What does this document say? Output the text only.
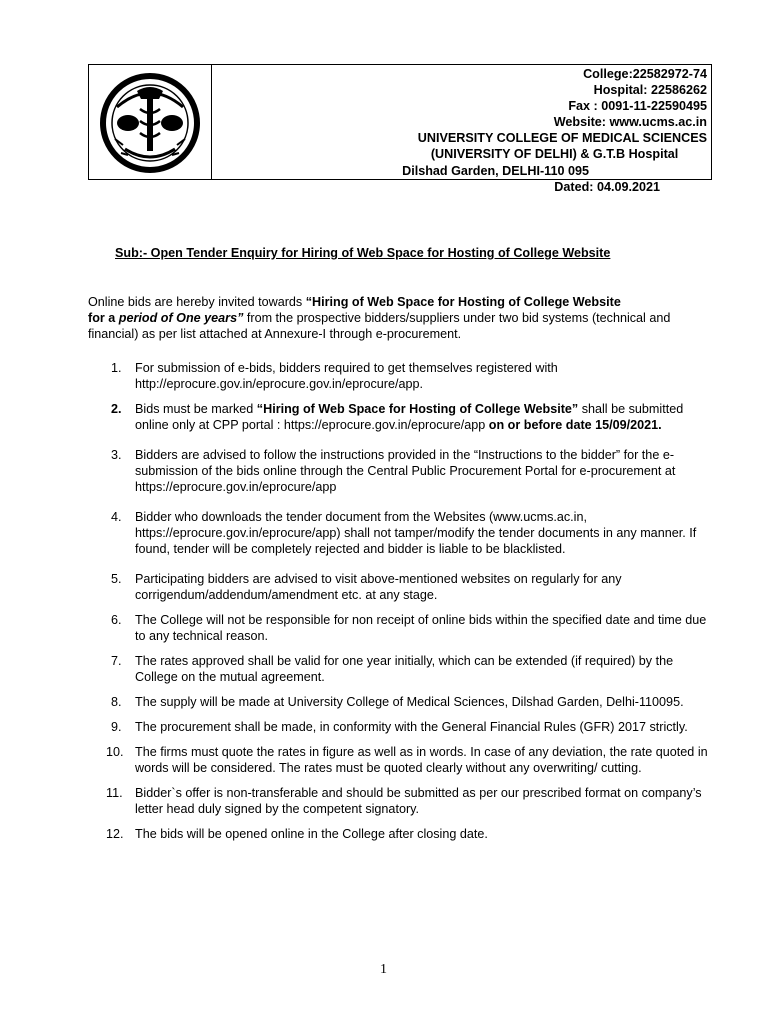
College:22582972-74
Hospital: 22586262
Fax : 0091-11-22590495
Website: www.ucms.ac.in
UNIVERSITY COLLEGE OF MEDICAL SCIENCES
(UNIVERSITY OF DELHI) & G.T.B Hospital
Dilshad Garden, DELHI-110 095
Dated: 04.09.2021
Sub:- Open Tender Enquiry for Hiring of Web Space for Hosting of College Website
Online bids are hereby invited towards “Hiring of Web Space for Hosting of College Website
for a period of One years” from the prospective bidders/suppliers under two bid systems (technical and financial) as per list attached at Annexure-I through e-procurement.
1. For submission of e-bids, bidders required to get themselves registered with http://eprocure.gov.in/eprocure.gov.in/eprocure/app.
2. Bids must be marked “Hiring of Web Space for Hosting of College Website” shall be submitted online only at CPP portal : https://eprocure.gov.in/eprocure/app on or before date 15/09/2021.
3. Bidders are advised to follow the instructions provided in the “Instructions to the bidder” for the e-submission of the bids online through the Central Public Procurement Portal for e-procurement at https://eprocure.gov.in/eprocure/app
4. Bidder who downloads the tender document from the Websites (www.ucms.ac.in, https://eprocure.gov.in/eprocure/app) shall not tamper/modify the tender documents in any manner. If found, tender will be completely rejected and bidder is liable to be blacklisted.
5. Participating bidders are advised to visit above-mentioned websites on regularly for any corrigendum/addendum/amendment etc. at any stage.
6. The College will not be responsible for non receipt of online bids within the specified date and time due to any technical reason.
7. The rates approved shall be valid for one year initially, which can be extended (if required) by the College on the mutual agreement.
8. The supply will be made at University College of Medical Sciences, Dilshad Garden, Delhi-110095.
9. The procurement shall be made, in conformity with the General Financial Rules (GFR) 2017 strictly.
10. The firms must quote the rates in figure as well as in words. In case of any deviation, the rate quoted in words will be considered. The rates must be quoted clearly without any overwriting/ cutting.
11. Bidder`s offer is non-transferable and should be submitted as per our prescribed format on company’s letter head duly signed by the competent signatory.
12. The bids will be opened online in the College after closing date.
1
